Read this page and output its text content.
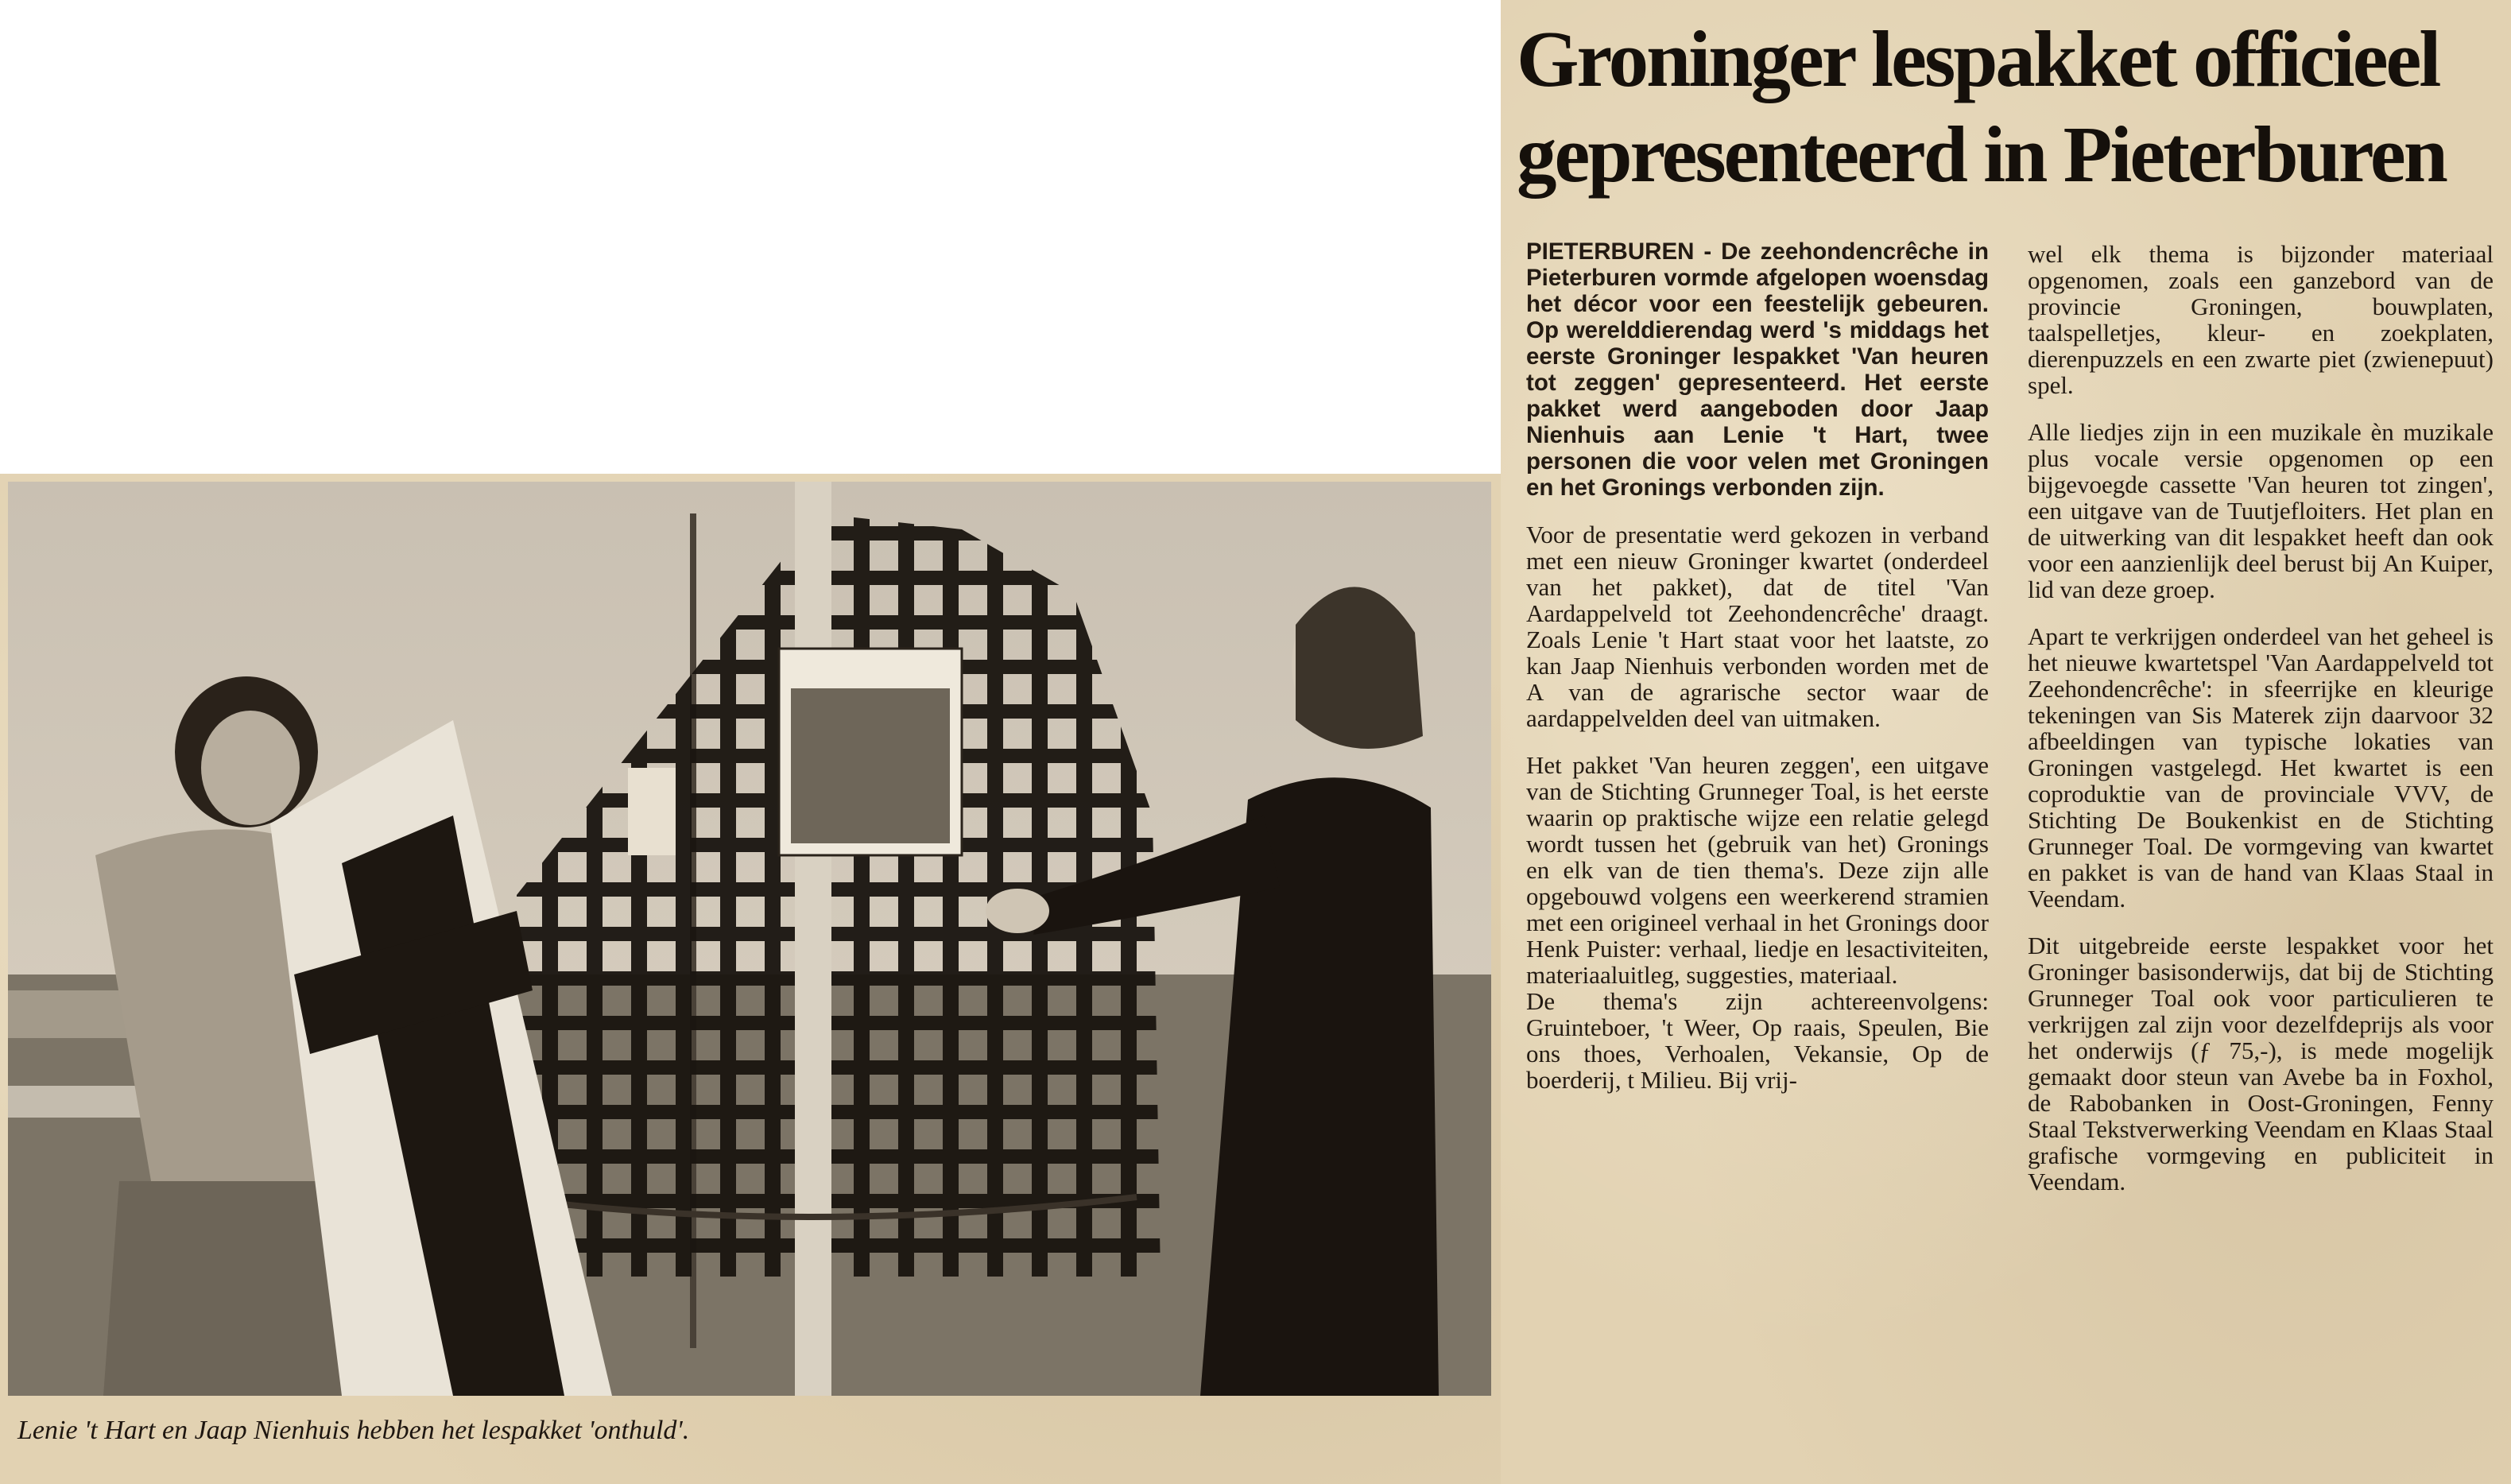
Groninger lespakket officieel
gepresenteerd in Pieterburen

PIETERBUREN - De zeehondencrêche in Pieterburen vormde afgelopen woensdag het décor voor een feestelijk gebeuren. Op werelddierendag werd 's middags het eerste Groninger lespakket 'Van heuren tot zeggen' gepresenteerd. Het eerste pakket werd aangeboden door Jaap Nienhuis aan Lenie 't Hart, twee personen die voor velen met Groningen en het Gronings verbonden zijn.

Voor de presentatie werd gekozen in verband met een nieuw Groninger kwartet (onderdeel van het pakket), dat de titel 'Van Aardappelveld tot Zeehondencrêche' draagt. Zoals Lenie 't Hart staat voor het laatste, zo kan Jaap Nienhuis verbonden worden met de A van de agrarische sector waar de aardappelvelden deel van uitmaken.

Het pakket 'Van heuren zeggen', een uitgave van de Stichting Grunneger Toal, is het eerste waarin op praktische wijze een relatie gelegd wordt tussen het (gebruik van het) Gronings en elk van de tien thema's. Deze zijn alle opgebouwd volgens een weerkerend stramien met een origineel verhaal in het Gronings door Henk Puister: verhaal, liedje en lesactiviteiten, materiaaluitleg, suggesties, materiaal.

De thema's zijn achtereenvolgens: Gruinteboer, 't Weer, Op raais, Speulen, Bie ons thoes, Verhoalen, Vekansie, Op de boerderij, t Milieu. Bij vrij-

wel elk thema is bijzonder materiaal opgenomen, zoals een ganzebord van de provincie Groningen, bouwplaten, taalspelletjes, kleur- en zoekplaten, dierenpuzzels en een zwarte piet (zwienepuut) spel.

Alle liedjes zijn in een muzikale èn muzikale plus vocale versie opgenomen op een bijgevoegde cassette 'Van heuren tot zingen', een uitgave van de Tuutjefloiters. Het plan en de uitwerking van dit lespakket heeft dan ook voor een aanzienlijk deel berust bij An Kuiper, lid van deze groep.

Apart te verkrijgen onderdeel van het geheel is het nieuwe kwartetspel 'Van Aardappelveld tot Zeehondencrêche': in sfeerrijke en kleurige tekeningen van Sis Materek zijn daarvoor 32 afbeeldingen van typische lokaties van Groningen vastgelegd. Het kwartet is een coproduktie van de provinciale VVV, de Stichting De Boukenkist en de Stichting Grunneger Toal. De vormgeving van kwartet en pakket is van de hand van Klaas Staal in Veendam.

Dit uitgebreide eerste lespakket voor het Groninger basisonderwijs, dat bij de Stichting Grunneger Toal ook voor particulieren te verkrijgen zal zijn voor dezelfdeprijs als voor het onderwijs (ƒ 75,-), is mede mogelijk gemaakt door steun van Avebe ba in Foxhol, de Rabobanken in Oost-Groningen, Fenny Staal Tekstverwerking Veendam en Klaas Staal grafische vormgeving en publiciteit in Veendam.

Lenie 't Hart en Jaap Nienhuis hebben het lespakket 'onthuld'.
